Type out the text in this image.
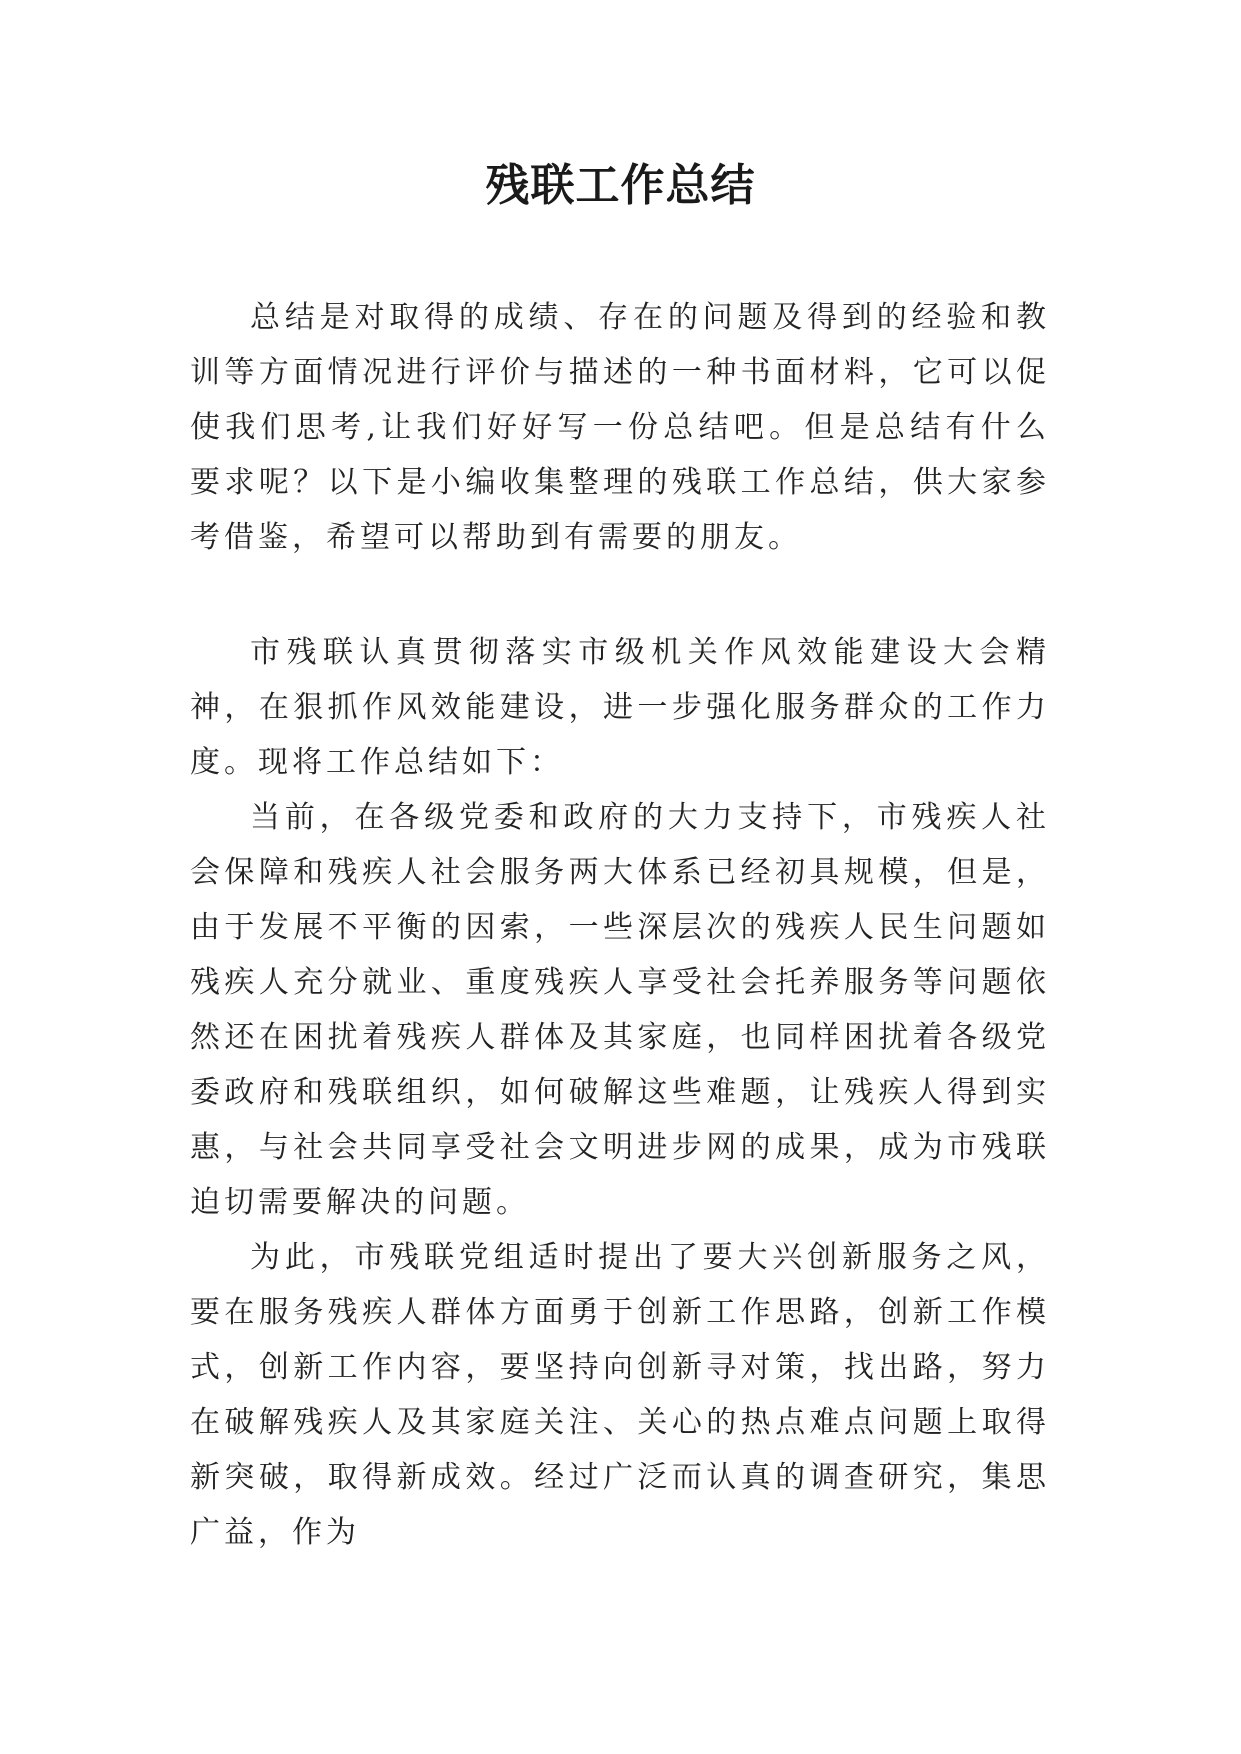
残联工作总结

总结是对取得的成绩、存在的问题及得到的经验和教训等方面情况进行评价与描述的一种书面材料，它可以促使我们思考,让我们好好写一份总结吧。但是总结有什么要求呢？以下是小编收集整理的残联工作总结，供大家参考借鉴，希望可以帮助到有需要的朋友。

市残联认真贯彻落实市级机关作风效能建设大会精神，在狠抓作风效能建设，进一步强化服务群众的工作力度。现将工作总结如下：

当前，在各级党委和政府的大力支持下，市残疾人社会保障和残疾人社会服务两大体系已经初具规模，但是，由于发展不平衡的因索，一些深层次的残疾人民生问题如残疾人充分就业、重度残疾人享受社会托养服务等问题依然还在困扰着残疾人群体及其家庭，也同样困扰着各级党委政府和残联组织，如何破解这些难题，让残疾人得到实惠，与社会共同享受社会文明进步网的成果，成为市残联迫切需要解决的问题。

为此，市残联党组适时提出了要大兴创新服务之风，要在服务残疾人群体方面勇于创新工作思路，创新工作模式，创新工作内容，要坚持向创新寻对策，找出路，努力在破解残疾人及其家庭关注、关心的热点难点问题上取得新突破，取得新成效。经过广泛而认真的调查研究，集思广益，作为
